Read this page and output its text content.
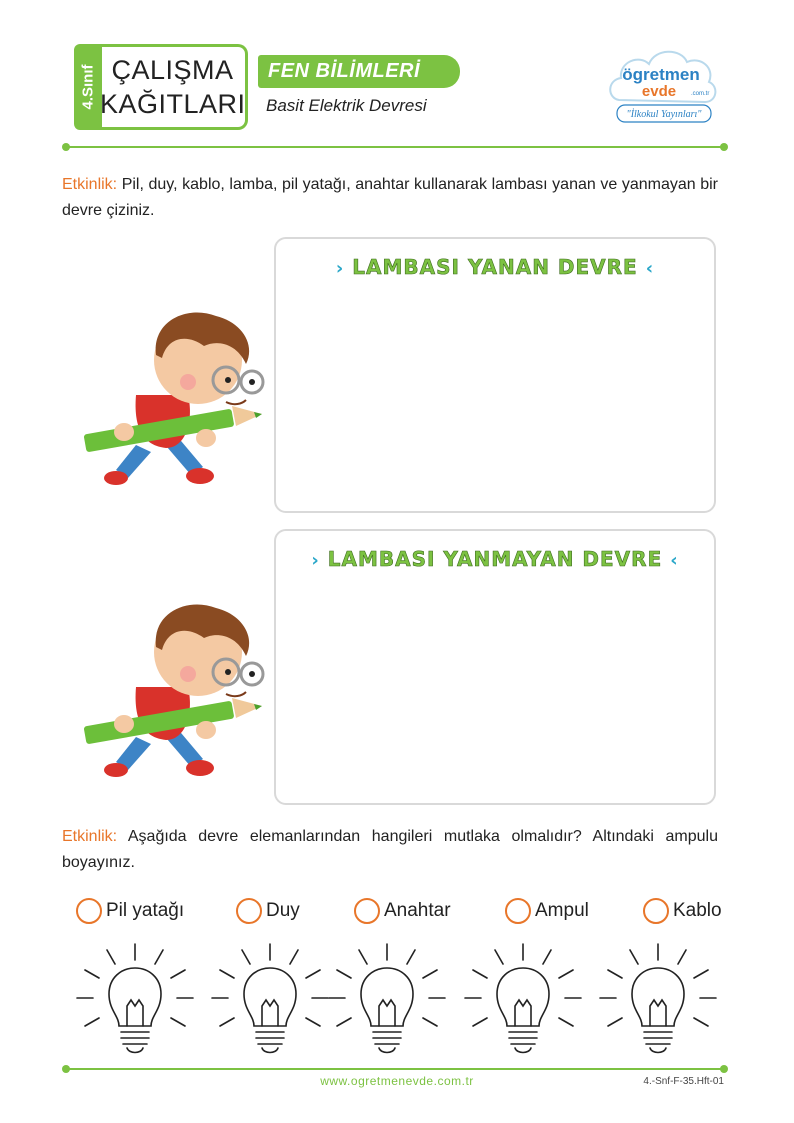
4.Sınıf ÇALIŞMA
KAĞITLARI
FEN BİLİMLERİ
Basit Elektrik Devresi
ögretmen
evde .com.tr
"İlkokul Yayınları"
Etkinlik: Pil, duy, kablo, lamba, pil yatağı, anahtar kullanarak lambası yanan ve yanmayan bir devre çiziniz.
› LAMBASI YANAN DEVRE ‹
› LAMBASI YANMAYAN DEVRE ‹
Etkinlik: Aşağıda devre elemanlarından hangileri mutlaka olmalıdır? Altındaki ampulu boyayınız.
Pil yatağı	Duy	Anahtar	Ampul	Kablo
www.ogretmenevde.com.tr	4.-Snf-F-35.Hft-01
